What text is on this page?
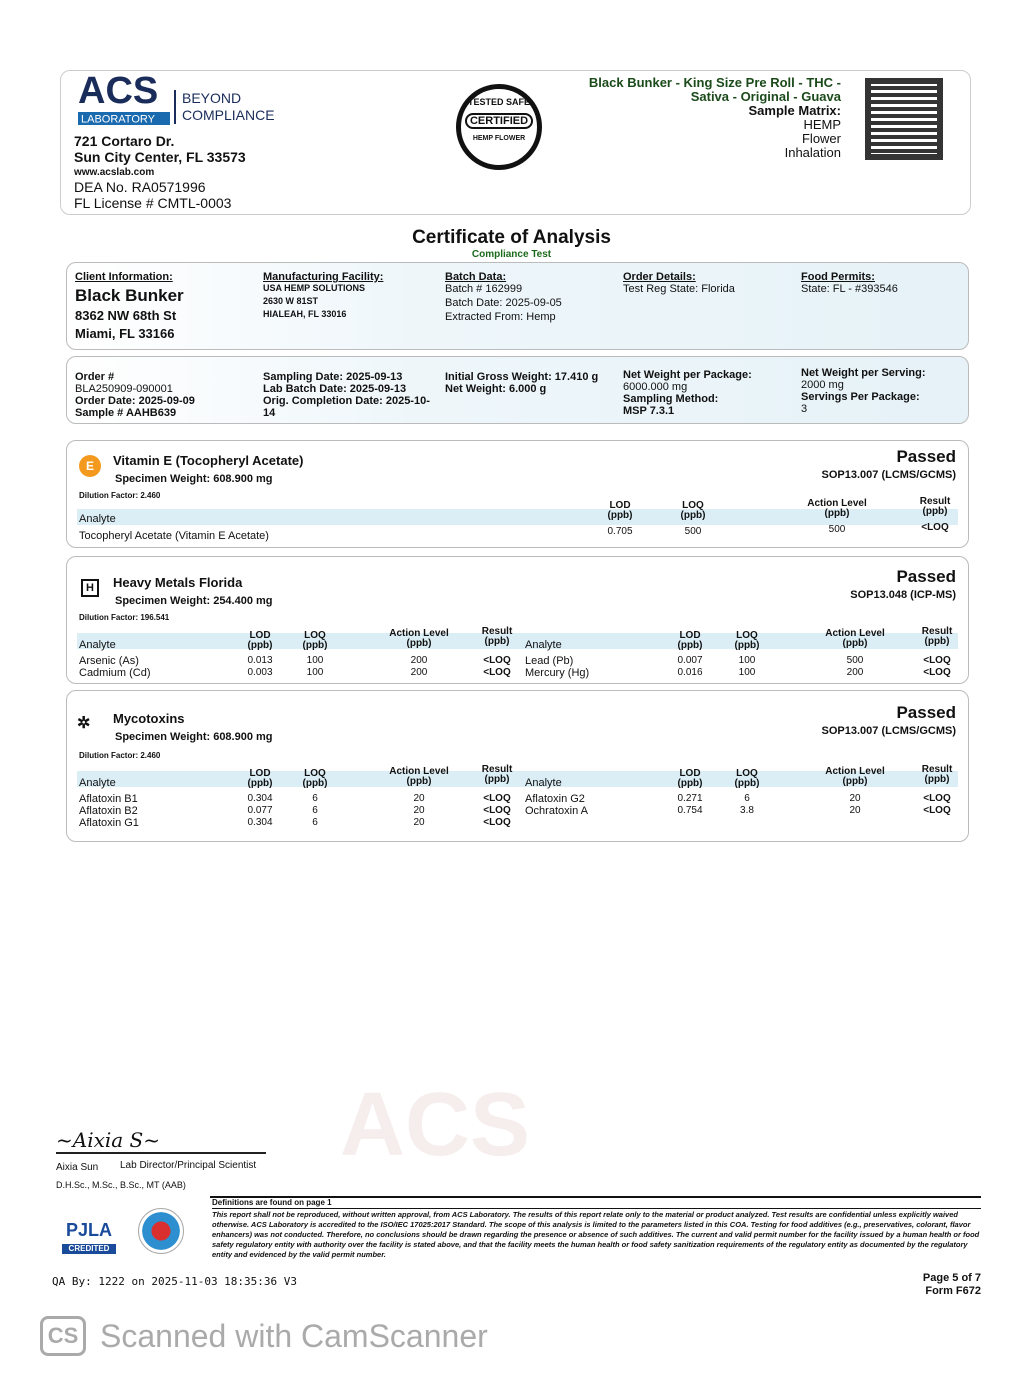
ACS
LABORATORY
BEYOND COMPLIANCE
721 Cortaro Dr.
Sun City Center, FL 33573
www.acslab.com
DEA No. RA0571996
FL License # CMTL-0003
TESTED SAFE
CERTIFIED
HEMP FLOWER
Black Bunker - King Size Pre Roll - THC - Sativa - Original - Guava
Sample Matrix:
HEMP
Flower
Inhalation
Certificate of Analysis
Compliance Test
Client Information:
Black Bunker
8362 NW 68th St
Miami, FL 33166
Manufacturing Facility:
USA HEMP SOLUTIONS
2630 W 81ST
HIALEAH, FL 33016
Batch Data:
Batch # 162999
Batch Date: 2025-09-05
Extracted From: Hemp
Order Details:
Test Reg State: Florida
Food Permits:
State: FL - #393546
Order #
BLA250909-090001
Order Date: 2025-09-09
Sample # AAHB639
Sampling Date: 2025-09-13
Lab Batch Date: 2025-09-13
Orig. Completion Date: 2025-10-14
Initial Gross Weight: 17.410 g
Net Weight: 6.000 g
Net Weight per Package:
6000.000 mg
Sampling Method:
MSP 7.3.1
Net Weight per Serving:
2000 mg
Servings Per Package:
3
E	Vitamin E (Tocopheryl Acetate)
Specimen Weight: 608.900 mg
Dilution Factor: 2.460
Passed
SOP13.007 (LCMS/GCMS)
Analyte
LOD (ppb)
LOQ (ppb)
Action Level (ppb)
Result (ppb)
Tocopheryl Acetate (Vitamin E Acetate)	0.705	500	500	<LOQ
H	Heavy Metals Florida
Specimen Weight: 254.400 mg
Dilution Factor: 196.541
Passed
SOP13.048 (ICP-MS)
Analyte
LOD (ppb)
LOQ (ppb)
Action Level (ppb)
Result (ppb)
Arsenic (As)	0.013	100	200	<LOQ
Cadmium (Cd)	0.003	100	200	<LOQ
Analyte
LOD (ppb)
LOQ (ppb)
Action Level (ppb)
Result (ppb)
Lead (Pb)	0.007	100	500	<LOQ
Mercury (Hg)	0.016	100	200	<LOQ
✲ Mycotoxins
Specimen Weight: 608.900 mg
Dilution Factor: 2.460
Passed
SOP13.007 (LCMS/GCMS)
Analyte
LOD (ppb)
LOQ (ppb)
Action Level (ppb)
Result (ppb)
Aflatoxin B1	0.304	6	20	<LOQ
Aflatoxin B2	0.077	6	20	<LOQ
Aflatoxin G1	0.304	6	20	<LOQ
Analyte
LOD (ppb)
LOQ (ppb)
Action Level (ppb)
Result (ppb)
Aflatoxin G2	0.271	6	20	<LOQ
Ochratoxin A	0.754	3.8	20	<LOQ
ACS
~Aixia S~
Aixia Sun Lab Director/Principal Scientist
D.H.Sc., M.Sc., B.Sc., MT (AAB)
Definitions are found on page 1
This report shall not be reproduced, without written approval, from ACS Laboratory. The results of this report relate only to the material or product analyzed. Test results are confidential unless explicitly waived otherwise. ACS Laboratory is accredited to the ISO/IEC 17025:2017 Standard. The scope of this analysis is limited to the parameters listed in this COA. Testing for food additives (e.g., preservatives, colorant, flavor enhancers) was not conducted. Therefore, no conclusions should be drawn regarding the presence or absence of such additives. The current and valid permit number for the facility issued by a human health or food safety regulatory entity with authority over the facility is stated above, and that the facility meets the human health or food safety sanitization requirements of the regulatory entity as documented by the regulatory entity and evidenced by the valid permit number.
PJLA
CREDITED
QA By: 1222 on 2025-11-03 18:35:36 V3	Page 5 of 7
Form F672
CS Scanned with CamScanner
